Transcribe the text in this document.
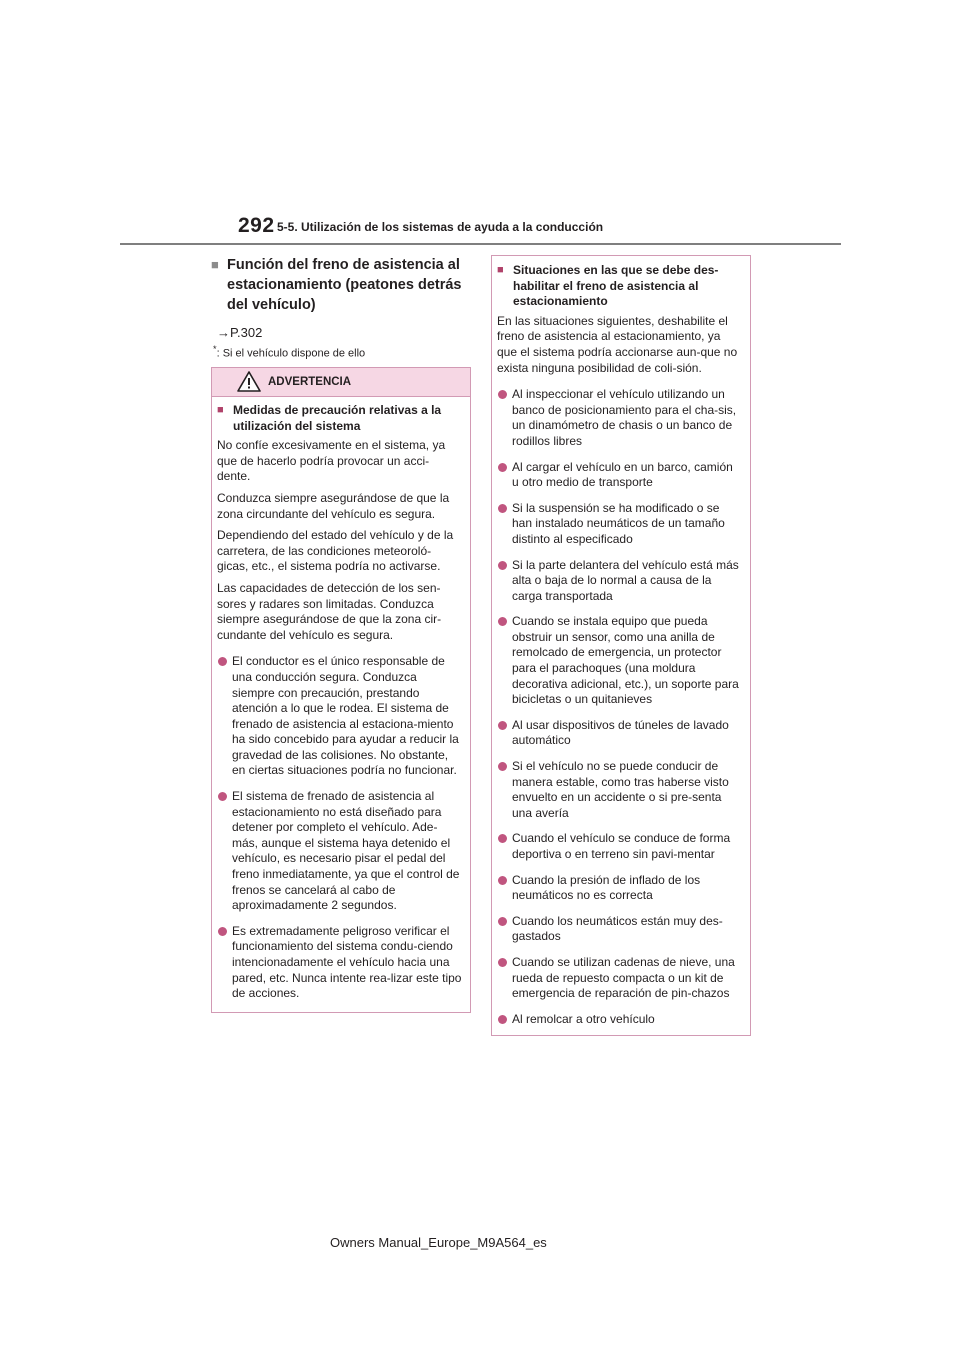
292 5-5. Utilización de los sistemas de ayuda a la conducción
■ Función del freno de asistencia al estacionamiento (peatones detrás del vehículo)
→P.302
*: Si el vehículo dispone de ello
ADVERTENCIA
■ Medidas de precaución relativas a la utilización del sistema

No confíe excesivamente en el sistema, ya que de hacerlo podría provocar un acci-dente.

Conduzca siempre asegurándose de que la zona circundante del vehículo es segura.

Dependiendo del estado del vehículo y de la carretera, de las condiciones meteoroló-gicas, etc., el sistema podría no activarse.

Las capacidades de detección de los sen-sores y radares son limitadas. Conduzca siempre asegurándose de que la zona cir-cundante del vehículo es segura.

El conductor es el único responsable de una conducción segura. Conduzca siempre con precaución, prestando atención a lo que le rodea. El sistema de frenado de asistencia al estaciona-miento ha sido concebido para ayudar a reducir la gravedad de las colisiones. No obstante, en ciertas situaciones podría no funcionar.
El sistema de frenado de asistencia al estacionamiento no está diseñado para detener por completo el vehículo. Ade-más, aunque el sistema haya detenido el vehículo, es necesario pisar el pedal del freno inmediatamente, ya que el control de frenos se cancelará al cabo de aproximadamente 2 segundos.
Es extremadamente peligroso verificar el funcionamiento del sistema condu-ciendo intencionadamente el vehículo hacia una pared, etc. Nunca intente rea-lizar este tipo de acciones.
■ Situaciones en las que se debe des-habilitar el freno de asistencia al estacionamiento

En las situaciones siguientes, deshabilite el freno de asistencia al estacionamiento, ya que el sistema podría accionarse aun-que no exista ninguna posibilidad de coli-sión.

Al inspeccionar el vehículo utilizando un banco de posicionamiento para el cha-sis, un dinamómetro de chasis o un banco de rodillos libres
Al cargar el vehículo en un barco, camión u otro medio de transporte
Si la suspensión se ha modificado o se han instalado neumáticos de un tamaño distinto al especificado
Si la parte delantera del vehículo está más alta o baja de lo normal a causa de la carga transportada
Cuando se instala equipo que pueda obstruir un sensor, como una anilla de remolcado de emergencia, un protector para el parachoques (una moldura decorativa adicional, etc.), un soporte para bicicletas o un quitanieves
Al usar dispositivos de túneles de lavado automático
Si el vehículo no se puede conducir de manera estable, como tras haberse visto envuelto en un accidente o si pre-senta una avería
Cuando el vehículo se conduce de forma deportiva o en terreno sin pavi-mentar
Cuando la presión de inflado de los neumáticos no es correcta
Cuando los neumáticos están muy des-gastados
Cuando se utilizan cadenas de nieve, una rueda de repuesto compacta o un kit de emergencia de reparación de pin-chazos
Al remolcar a otro vehículo
Owners Manual_Europe_M9A564_es
